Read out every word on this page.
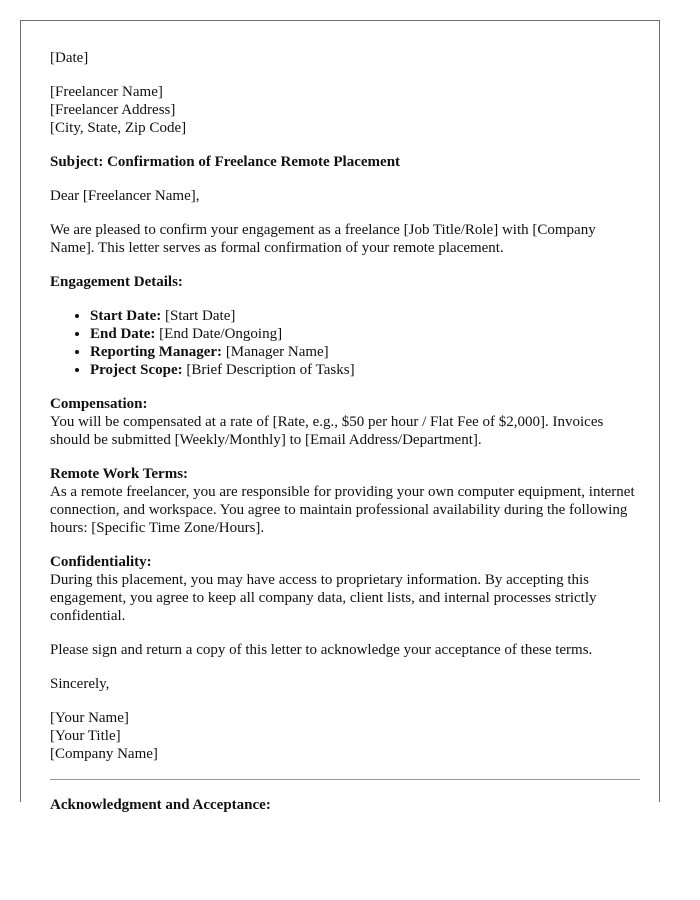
[Date]

[Freelancer Name]
[Freelancer Address]
[City, State, Zip Code]

Subject: Confirmation of Freelance Remote Placement

Dear [Freelancer Name],

We are pleased to confirm your engagement as a freelance [Job Title/Role] with [Company Name]. This letter serves as formal confirmation of your remote placement.

Engagement Details:

• Start Date: [Start Date]
• End Date: [End Date/Ongoing]
• Reporting Manager: [Manager Name]
• Project Scope: [Brief Description of Tasks]

Compensation:
You will be compensated at a rate of [Rate, e.g., $50 per hour / Flat Fee of $2,000]. Invoices should be submitted [Weekly/Monthly] to [Email Address/Department].

Remote Work Terms:
As a remote freelancer, you are responsible for providing your own computer equipment, internet connection, and workspace. You agree to maintain professional availability during the following hours: [Specific Time Zone/Hours].

Confidentiality:
During this placement, you may have access to proprietary information. By accepting this engagement, you agree to keep all company data, client lists, and internal processes strictly confidential.

Please sign and return a copy of this letter to acknowledge your acceptance of these terms.

Sincerely,

[Your Name]
[Your Title]
[Company Name]

Acknowledgment and Acceptance:
